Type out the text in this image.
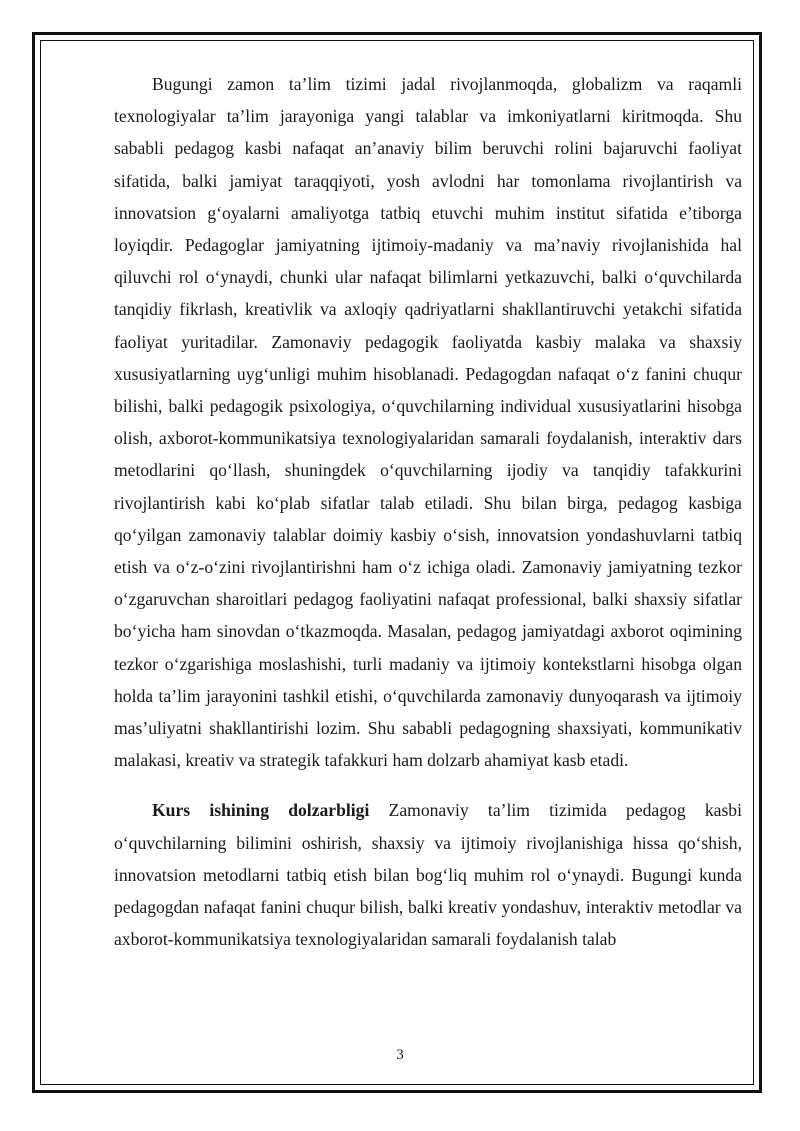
Bugungi zamon ta’lim tizimi jadal rivojlanmoqda, globalizm va raqamli texnologiyalar ta’lim jarayoniga yangi talablar va imkoniyatlarni kiritmoqda. Shu sababli pedagog kasbi nafaqat an’anaviy bilim beruvchi rolini bajaruvchi faoliyat sifatida, balki jamiyat taraqqiyoti, yosh avlodni har tomonlama rivojlantirish va innovatsion g‘oyalarni amaliyotga tatbiq etuvchi muhim institut sifatida e’tiborga loyiqdir. Pedagoglar jamiyatning ijtimoiy-madaniy va ma’naviy rivojlanishida hal qiluvchi rol o‘ynaydi, chunki ular nafaqat bilimlarni yetkazuvchi, balki o‘quvchilarda tanqidiy fikrlash, kreativlik va axloqiy qadriyatlarni shakllantiruvchi yetakchi sifatida faoliyat yuritadilar. Zamonaviy pedagogik faoliyatda kasbiy malaka va shaxsiy xususiyatlarning uyg‘unligi muhim hisoblanadi. Pedagogdan nafaqat o‘z fanini chuqur bilishi, balki pedagogik psixologiya, o‘quvchilarning individual xususiyatlarini hisobga olish, axborot-kommunikatsiya texnologiyalaridan samarali foydalanish, interaktiv dars metodlarini qo‘llash, shuningdek o‘quvchilarning ijodiy va tanqidiy tafakkurini rivojlantirish kabi ko‘plab sifatlar talab etiladi. Shu bilan birga, pedagog kasbiga qo‘yilgan zamonaviy talablar doimiy kasbiy o‘sish, innovatsion yondashuvlarni tatbiq etish va o‘z-o‘zini rivojlantirishni ham o‘z ichiga oladi. Zamonaviy jamiyatning tezkor o‘zgaruvchan sharoitlari pedagog faoliyatini nafaqat professional, balki shaxsiy sifatlar bo‘yicha ham sinovdan o‘tkazmoqda. Masalan, pedagog jamiyatdagi axborot oqimining tezkor o‘zgarishiga moslashishi, turli madaniy va ijtimoiy kontekstlarni hisobga olgan holda ta’lim jarayonini tashkil etishi, o‘quvchilarda zamonaviy dunyoqarash va ijtimoiy mas’uliyatni shakllantirishi lozim. Shu sababli pedagogning shaxsiyati, kommunikativ malakasi, kreativ va strategik tafakkuri ham dolzarb ahamiyat kasb etadi.

Kurs ishining dolzarbligi Zamonaviy ta’lim tizimida pedagog kasbi o‘quvchilarning bilimini oshirish, shaxsiy va ijtimoiy rivojlanishiga hissa qo‘shish, innovatsion metodlarni tatbiq etish bilan bog‘liq muhim rol o‘ynaydi. Bugungi kunda pedagogdan nafaqat fanini chuqur bilish, balki kreativ yondashuv, interaktiv metodlar va axborot-kommunikatsiya texnologiyalaridan samarali foydalanish talab

3
